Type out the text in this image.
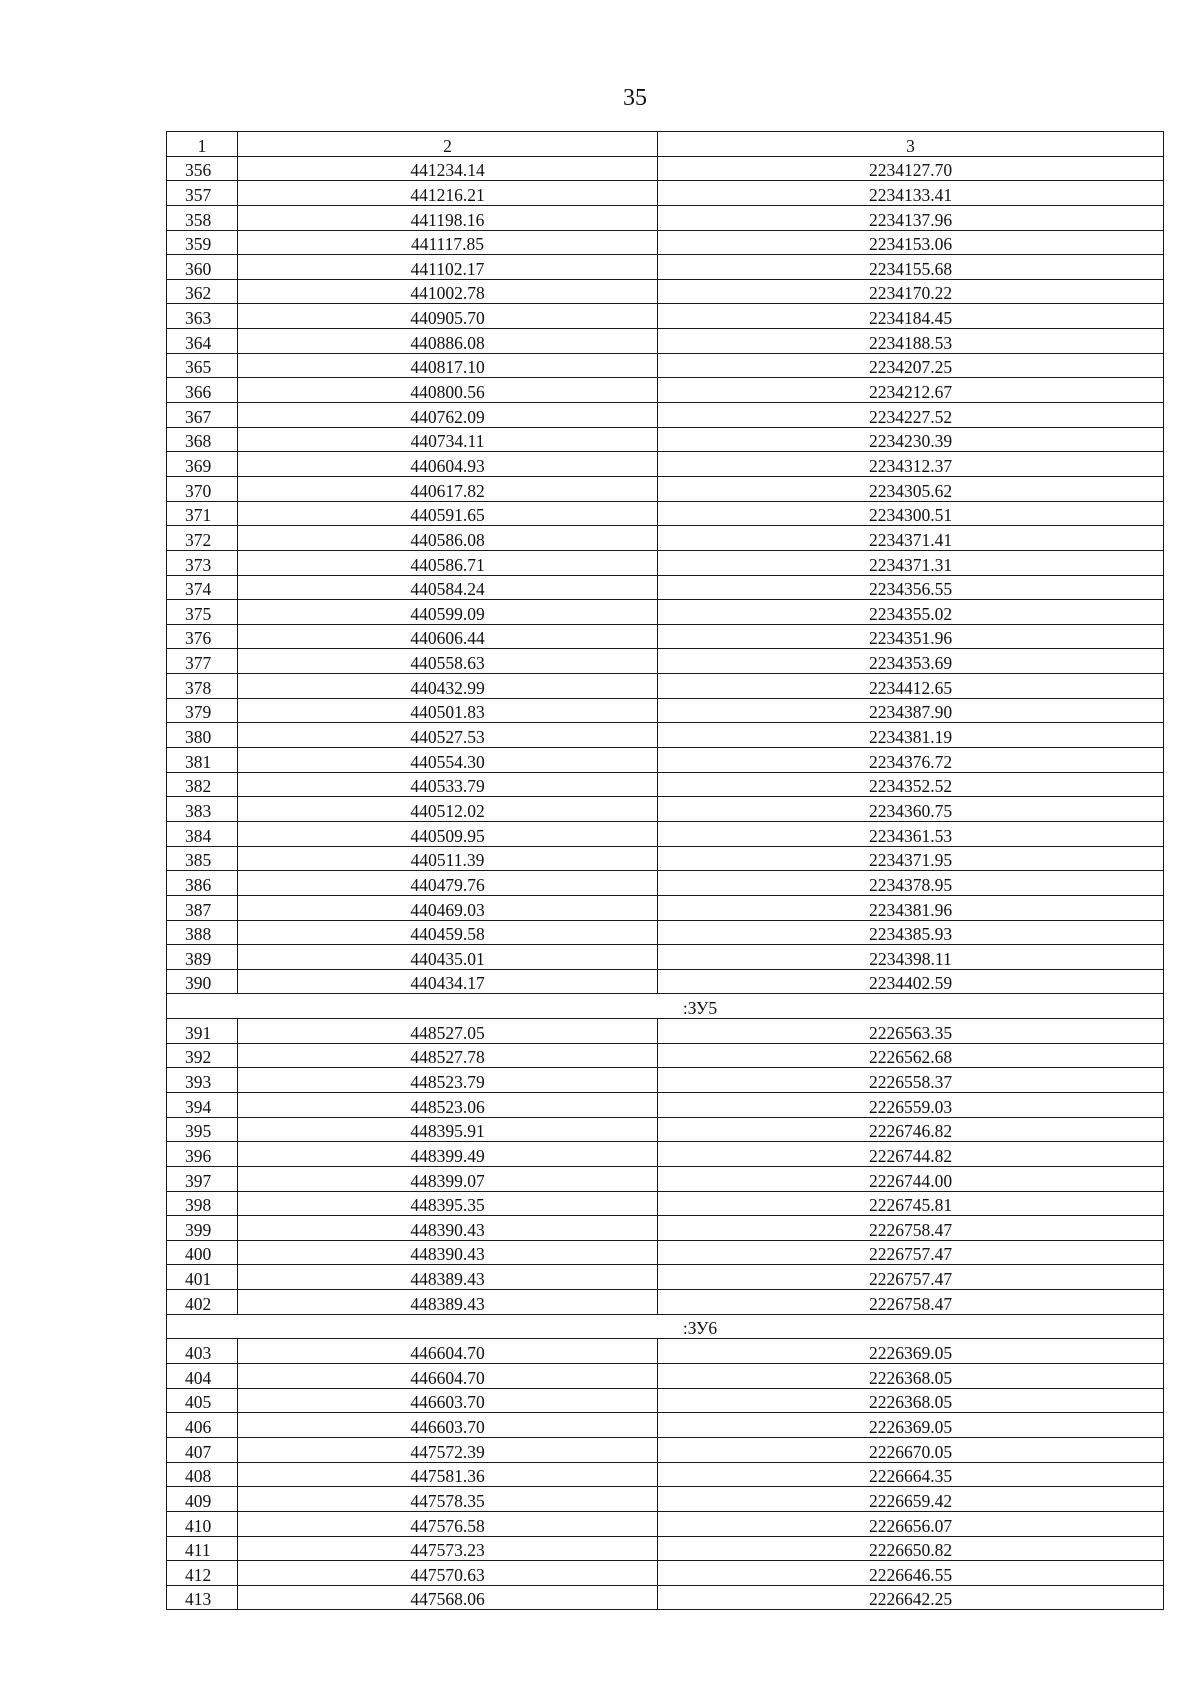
35
1	2	3
356	441234.14	2234127.70
357	441216.21	2234133.41
358	441198.16	2234137.96
359	441117.85	2234153.06
360	441102.17	2234155.68
362	441002.78	2234170.22
363	440905.70	2234184.45
364	440886.08	2234188.53
365	440817.10	2234207.25
366	440800.56	2234212.67
367	440762.09	2234227.52
368	440734.11	2234230.39
369	440604.93	2234312.37
370	440617.82	2234305.62
371	440591.65	2234300.51
372	440586.08	2234371.41
373	440586.71	2234371.31
374	440584.24	2234356.55
375	440599.09	2234355.02
376	440606.44	2234351.96
377	440558.63	2234353.69
378	440432.99	2234412.65
379	440501.83	2234387.90
380	440527.53	2234381.19
381	440554.30	2234376.72
382	440533.79	2234352.52
383	440512.02	2234360.75
384	440509.95	2234361.53
385	440511.39	2234371.95
386	440479.76	2234378.95
387	440469.03	2234381.96
388	440459.58	2234385.93
389	440435.01	2234398.11
390	440434.17	2234402.59
:ЗУ5		
391	448527.05	2226563.35
392	448527.78	2226562.68
393	448523.79	2226558.37
394	448523.06	2226559.03
395	448395.91	2226746.82
396	448399.49	2226744.82
397	448399.07	2226744.00
398	448395.35	2226745.81
399	448390.43	2226758.47
400	448390.43	2226757.47
401	448389.43	2226757.47
402	448389.43	2226758.47
:ЗУ6		
403	446604.70	2226369.05
404	446604.70	2226368.05
405	446603.70	2226368.05
406	446603.70	2226369.05
407	447572.39	2226670.05
408	447581.36	2226664.35
409	447578.35	2226659.42
410	447576.58	2226656.07
411	447573.23	2226650.82
412	447570.63	2226646.55
413	447568.06	2226642.25
